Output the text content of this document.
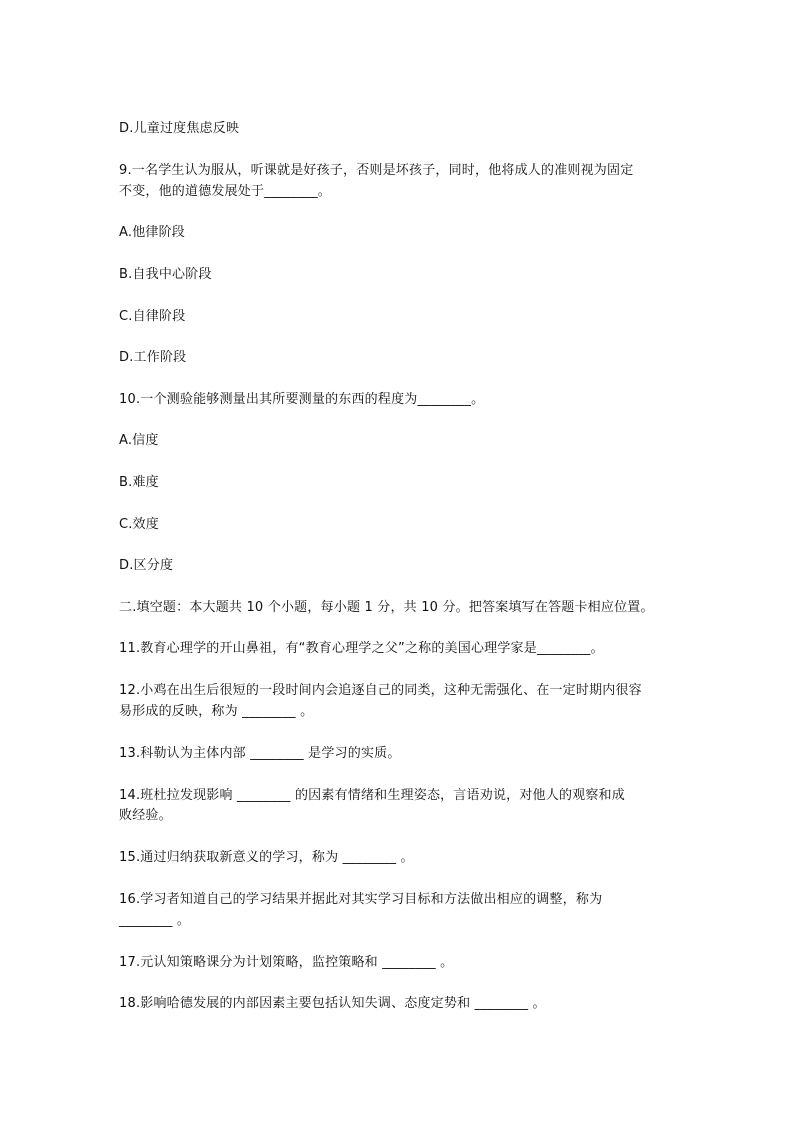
D.儿童过度焦虑反映
9.一名学生认为服从，听课就是好孩子，否则是坏孩子，同时，他将成人的准则视为固定
不变，他的道德发展处于________。
A.他律阶段
B.自我中心阶段
C.自律阶段
D.工作阶段
10.一个测验能够测量出其所要测量的东西的程度为________。
A.信度
B.难度
C.效度
D.区分度
二.填空题：本大题共 10 个小题，每小题 1 分，共 10 分。把答案填写在答题卡相应位置。
11.教育心理学的开山鼻祖，有“教育心理学之父”之称的美国心理学家是________。
12.小鸡在出生后很短的一段时间内会追逐自己的同类，这种无需强化、在一定时期内很容
易形成的反映，称为 ________ 。
13.科勒认为主体内部 ________ 是学习的实质。
14.班杜拉发现影响 ________ 的因素有情绪和生理姿态，言语劝说，对他人的观察和成
败经验。
15.通过归纳获取新意义的学习，称为 ________ 。
16.学习者知道自己的学习结果并据此对其实学习目标和方法做出相应的调整，称为
________ 。
17.元认知策略课分为计划策略，监控策略和 ________ 。
18.影响哈德发展的内部因素主要包括认知失调、态度定势和 ________ 。
